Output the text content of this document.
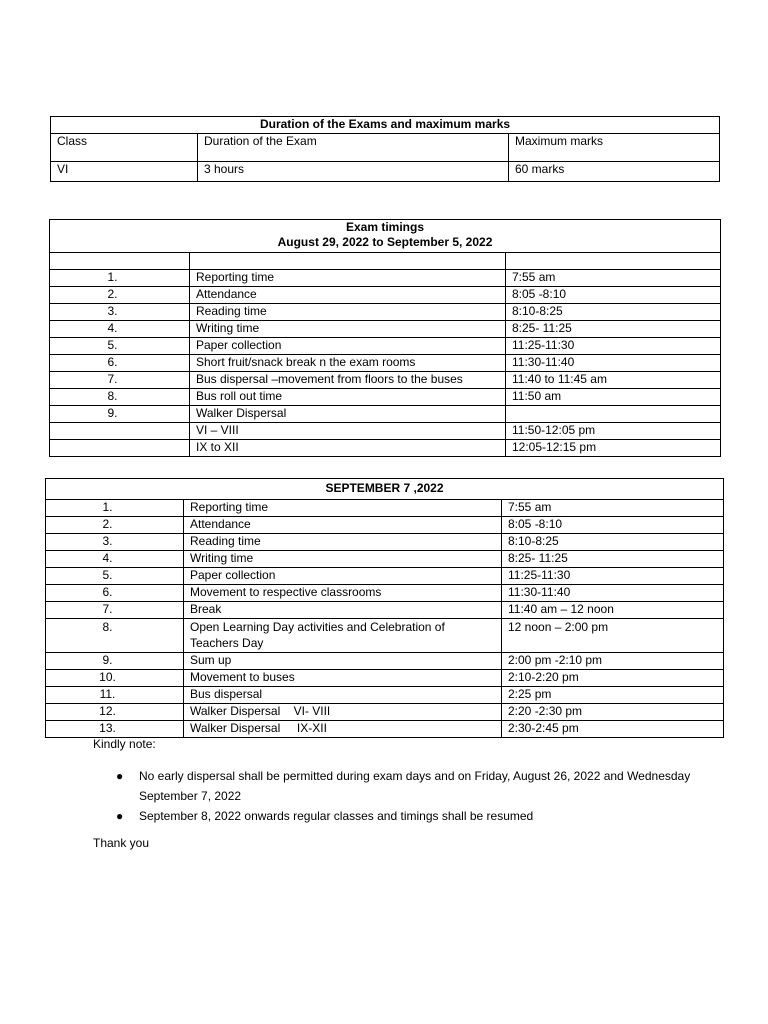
Duration of the Exams and maximum marks		
Class	Duration of the Exam	Maximum marks
VI	3 hours	60 marks
Exam timings
August 29, 2022 to September 5, 2022		

1.	Reporting time	7:55 am
2.	Attendance	8:05 -8:10
3.	Reading time	8:10-8:25
4.	Writing time	8:25- 11:25
5.	Paper collection	11:25-11:30
6.	Short fruit/snack break n the exam rooms	11:30-11:40
7.	Bus dispersal –movement from floors to the buses	11:40 to 11:45 am
8.	Bus roll out time	11:50 am
9.	Walker Dispersal	
	VI – VIII	11:50-12:05 pm
	IX to XII	12:05-12:15 pm
SEPTEMBER 7 ,2022		
1.	Reporting time	7:55 am
2.	Attendance	8:05 -8:10
3.	Reading time	8:10-8:25
4.	Writing time	8:25- 11:25
5.	Paper collection	11:25-11:30
6.	Movement to respective classrooms	11:30-11:40
7.	Break	11:40 am – 12 noon
8.	Open Learning Day activities and Celebration of Teachers Day	12 noon – 2:00 pm
9.	Sum up	2:00 pm -2:10 pm
10.	Movement to buses	2:10-2:20 pm
11.	Bus dispersal	2:25 pm
12.	Walker Dispersal    VI- VIII	2:20 -2:30 pm
13.	Walker Dispersal     IX-XII	2:30-2:45 pm

Kindly note:

● No early dispersal shall be permitted during exam days and on Friday, August 26, 2022 and Wednesday September 7, 2022
● September 8, 2022 onwards regular classes and timings shall be resumed
Thank you
